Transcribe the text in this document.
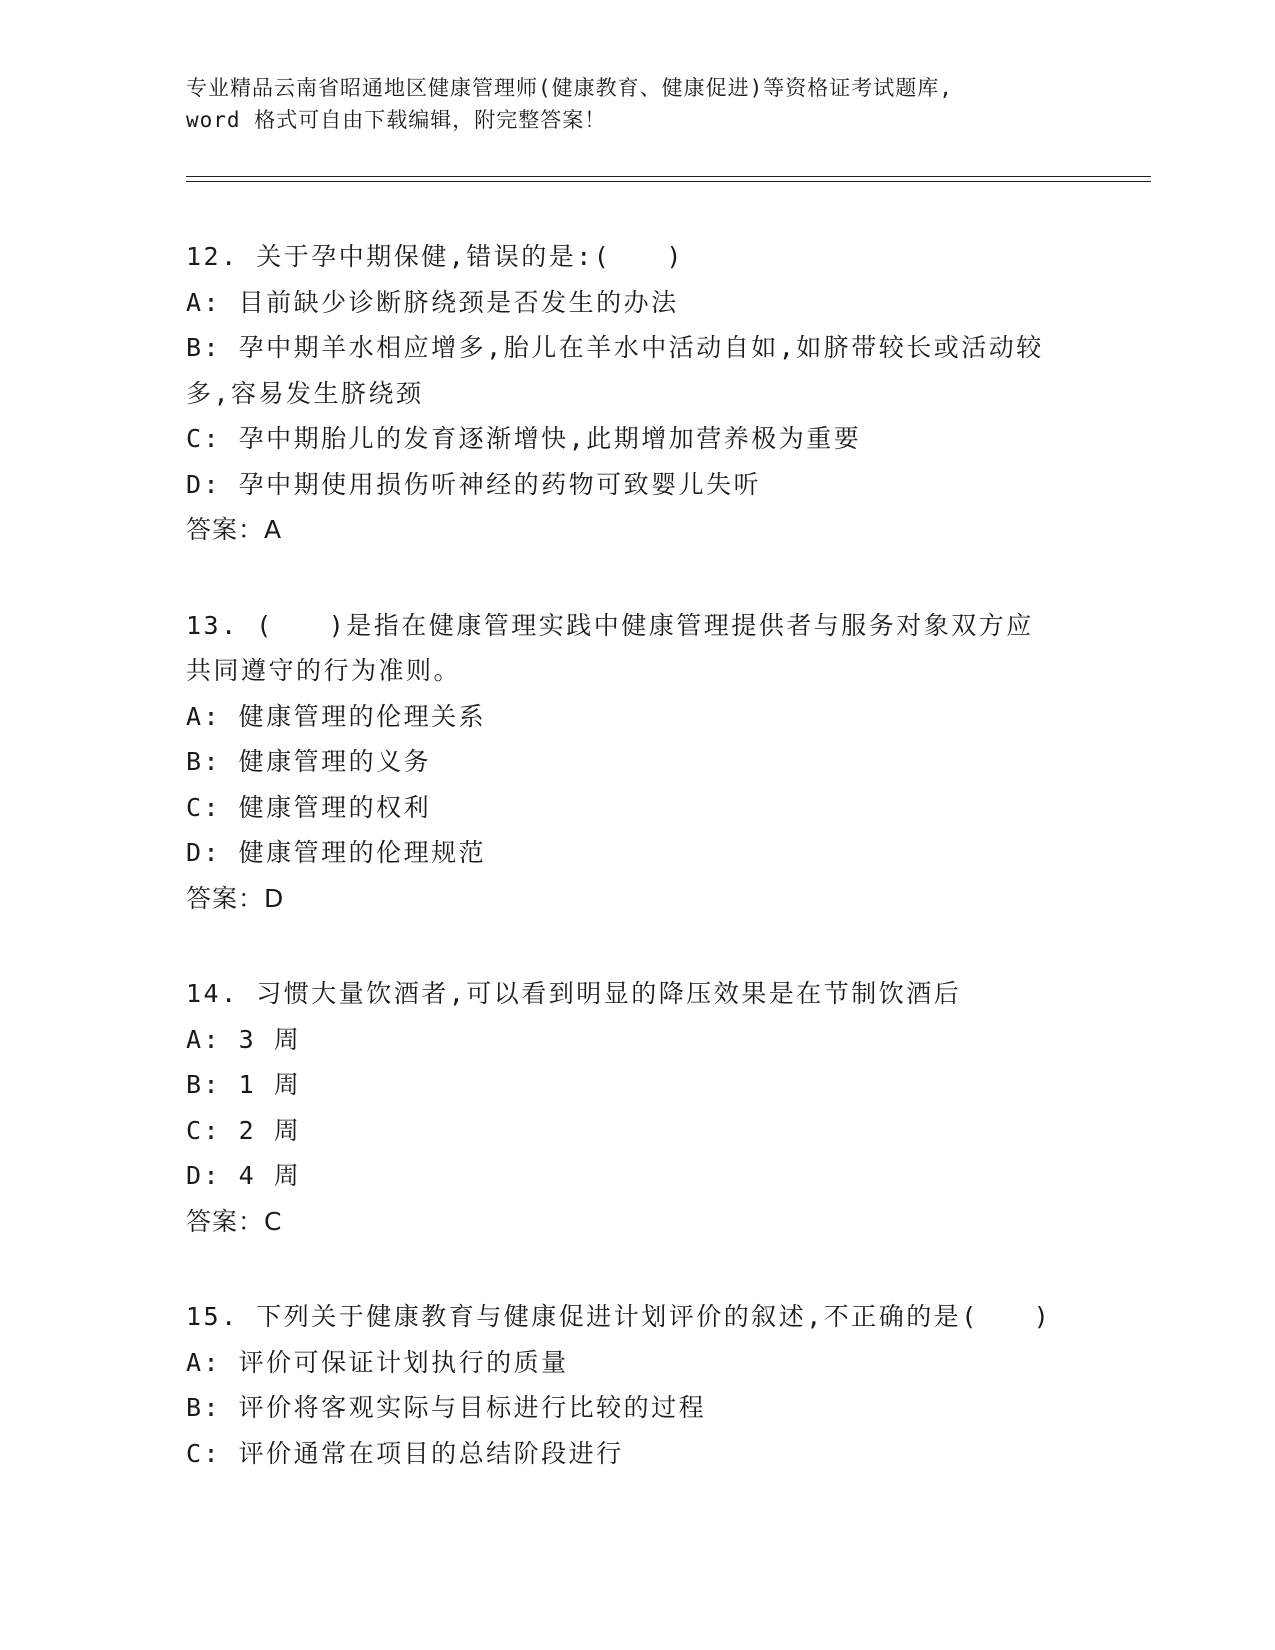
专业精品云南省昭通地区健康管理师(健康教育、健康促进)等资格证考试题库,
word 格式可自由下载编辑，附完整答案！
12. 关于孕中期保健,错误的是:(　　)
A: 目前缺少诊断脐绕颈是否发生的办法
B: 孕中期羊水相应增多,胎儿在羊水中活动自如,如脐带较长或活动较
多,容易发生脐绕颈
C: 孕中期胎儿的发育逐渐增快,此期增加营养极为重要
D: 孕中期使用损伤听神经的药物可致婴儿失听
答案：A
13. (　　)是指在健康管理实践中健康管理提供者与服务对象双方应
共同遵守的行为准则。
A: 健康管理的伦理关系
B: 健康管理的义务
C: 健康管理的权利
D: 健康管理的伦理规范
答案：D
14. 习惯大量饮酒者,可以看到明显的降压效果是在节制饮酒后
A: 3 周
B: 1 周
C: 2 周
D: 4 周
答案：C
15. 下列关于健康教育与健康促进计划评价的叙述,不正确的是(　　)
A: 评价可保证计划执行的质量
B: 评价将客观实际与目标进行比较的过程
C: 评价通常在项目的总结阶段进行
